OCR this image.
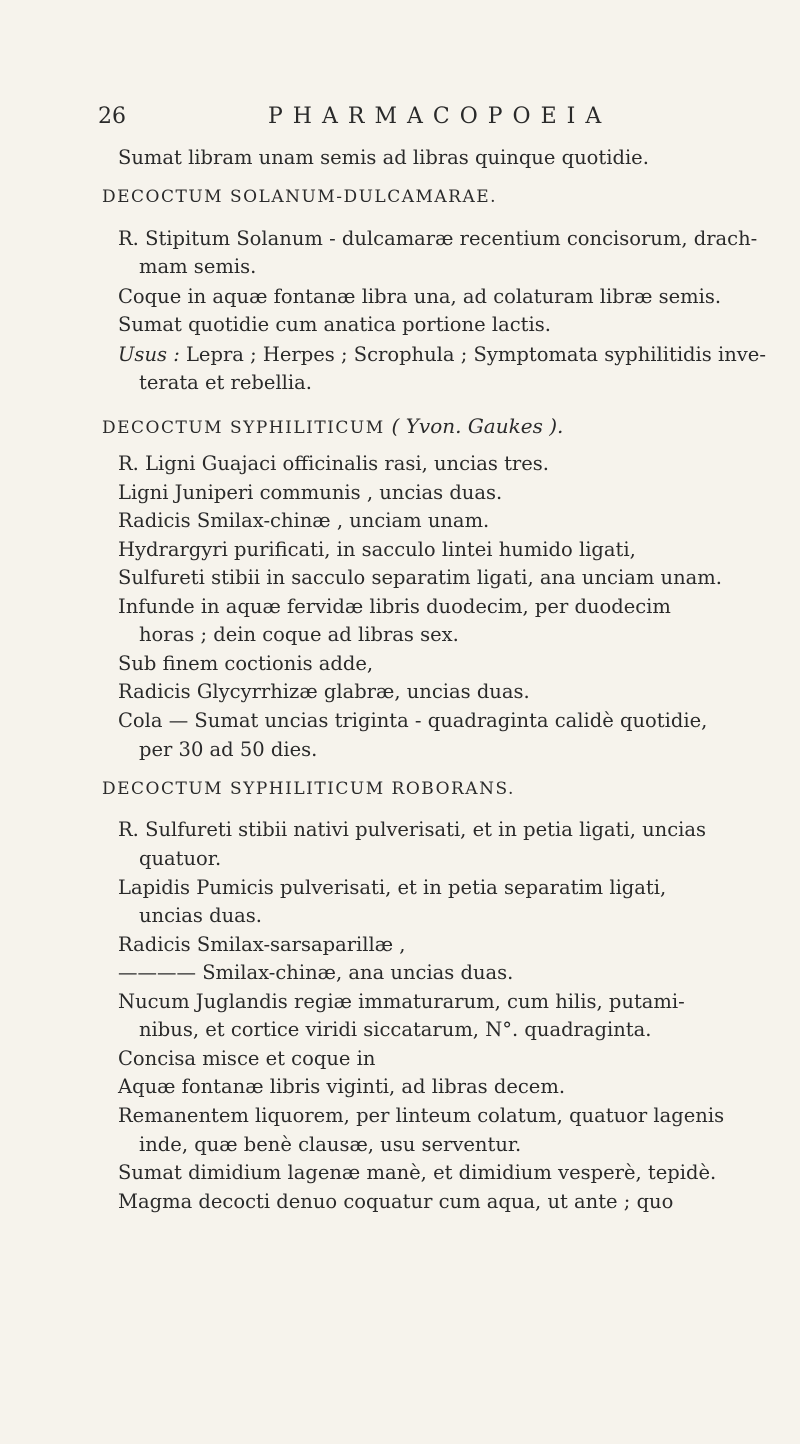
26	PHARMACOPOEIA
Sumat libram unam semis ad libras quinque quotidie.
DECOCTUM SOLANUM-DULCAMARAE.
R. Stipitum Solanum - dulcamaræ recentium concisorum, drach-
mam semis.
Coque in aquæ fontanæ libra una, ad colaturam libræ semis.
Sumat quotidie cum anatica portione lactis.
Usus : Lepra ; Herpes ; Scrophula ; Symptomata syphilitidis inve-
terata et rebellia.
DECOCTUM SYPHILITICUM ( Yvon. Gaukes ).
R. Ligni Guajaci officinalis rasi, uncias tres.
Ligni Juniperi communis , uncias duas.
Radicis Smilax-chinæ , unciam unam.
Hydrargyri purificati, in sacculo lintei humido ligati,
Sulfureti stibii in sacculo separatim ligati, ana unciam unam.
Infunde in aquæ fervidæ libris duodecim, per duodecim
horas ; dein coque ad libras sex.
Sub finem coctionis adde,
Radicis Glycyrrhizæ glabræ, uncias duas.
Cola — Sumat uncias triginta - quadraginta calidè quotidie,
per 30 ad 50 dies.
DECOCTUM SYPHILITICUM ROBORANS.
R. Sulfureti stibii nativi pulverisati, et in petia ligati, uncias
quatuor.
Lapidis Pumicis pulverisati, et in petia separatim ligati,
uncias duas.
Radicis Smilax-sarsaparillæ ,
———— Smilax-chinæ, ana uncias duas.
Nucum Juglandis regiæ immaturarum, cum hilis, putami-
nibus, et cortice viridi siccatarum, N°. quadraginta.
Concisa misce et coque in
Aquæ fontanæ libris viginti, ad libras decem.
Remanentem liquorem, per linteum colatum, quatuor lagenis
inde, quæ benè clausæ, usu serventur.
Sumat dimidium lagenæ manè, et dimidium vesperè, tepidè.
Magma decocti denuo coquatur cum aqua, ut ante ; quo
